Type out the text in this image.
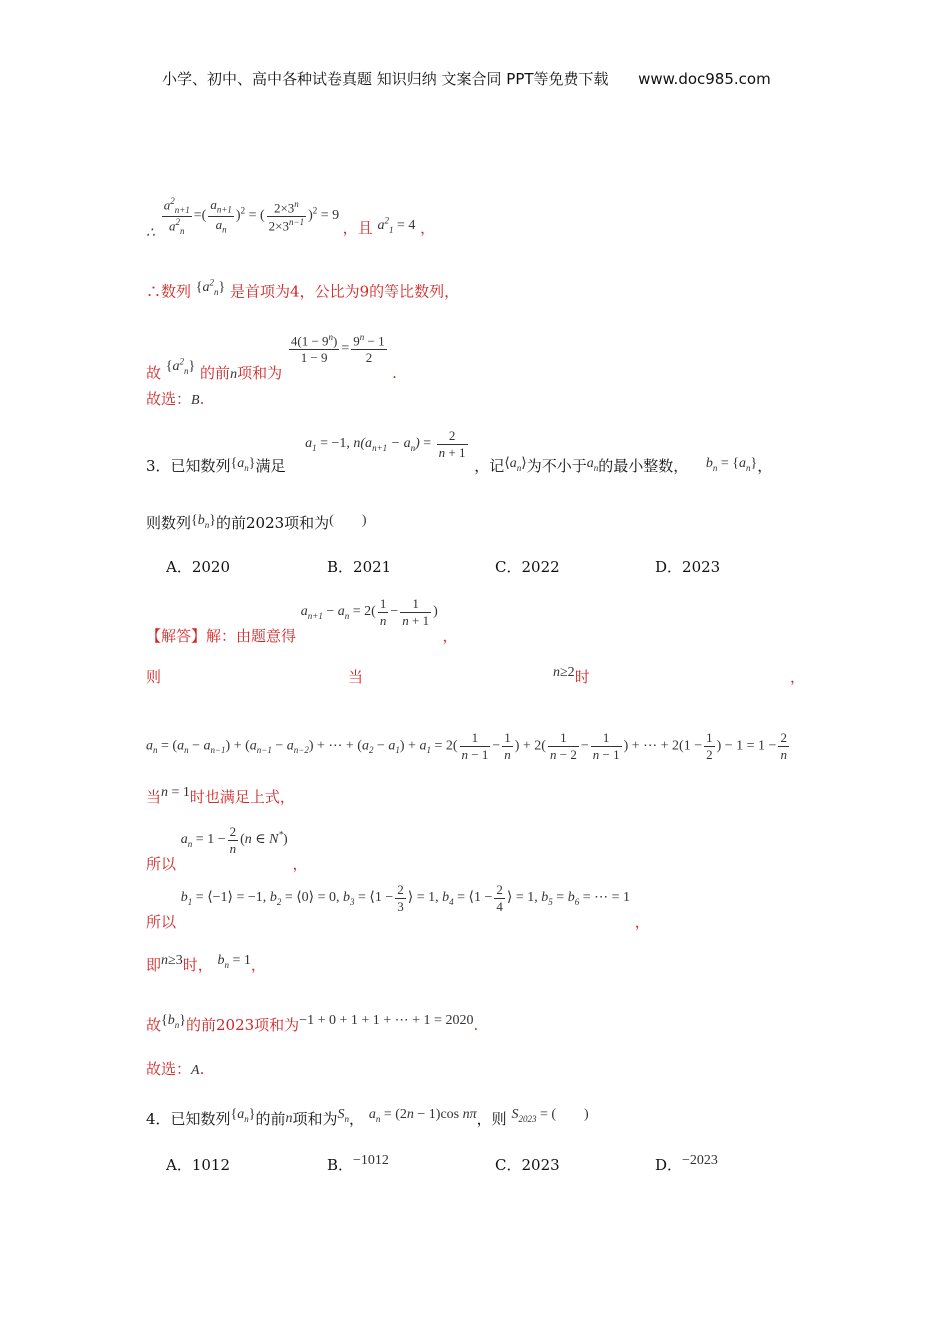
小学、初中、高中各种试卷真题 知识归纳 文案合同 PPT等免费下载 www.doc985.com
∴ $\frac{a^2_{n+1}}{a^2_n}$ =( $\frac{a_{n+1}}{a_n} )^2$ = ( $\frac{2\times 3^n}{2\times 3^{n-1}} )^2 = 9$ ，且 $a^2_1 = 4$ ，
∴数列 $\{a^2_n\}$ 是首项为4，公比为9的等比数列，
故 $\{a^2_n\}$ 的前n项和为
$\frac{4(1 - 9^n)}{1 - 9} = \frac{9^n - 1}{2}$
.
故选：B.
3．已知数列$\{a_n\}$满足  $a_1 = -1$, $n(a_{n+1} - a_n) = \frac{2}{n + 1}$
，记$⟨a_n⟩$为不小于$a_n$的最小整数， $b_n = \{a_n\}$，
则数列$\{b_n\}$的前2023项和为(　　)
A．2020	B．2021	C．2022	D．2023
【解答】解：由题意得 $a_{n+1} - a_n = 2( \frac{1}{n} - \frac{1}{n + 1}$ ) ，
则	当	n≥2时	，
$a_n = (a_n - a_{n-1}) + (a_{n-1} - a_{n-2})$ + ⋯ + $(a_2 - a_1) + a_1 = 2( \frac{1}{n - 1} - \frac{1}{n}$ ) + $2( \frac{1}{n - 2} - \frac{1}{n - 1}$ ) + ⋯ + $2(1 - \frac{1}{2}$ ) − $1 = 1 - \frac{2}{n}$
当n = 1时也满足上式，
所以 $a_n = 1 - \frac{2}{n} (n$ ∈ N*) ，
所以 $b_1$ = ⟨−1⟩ = −1, $b_2$ = ⟨0⟩ = 0, $b_3$ = ⟨1 − $\frac{2}{3}$ ⟩ = 1, $b_4$ = ⟨1 − $\frac{2}{4}$ ⟩ = 1, $b_5 = b_6$ = ⋯ = 1 ，
即n≥3时， $b_n = 1$，
故$\{b_n\}$的前2023项和为−1 + 0 + 1 + 1 + ⋯ + 1 = 2020.
故选：A.
4．已知数列$\{a_n\}$的前n项和为$S_n$， $a_n = (2n - 1)\cos$ nπ，则 $S_{2023}$ = (　　)
A．1012	B．−1012	C．2023	D．−2023
